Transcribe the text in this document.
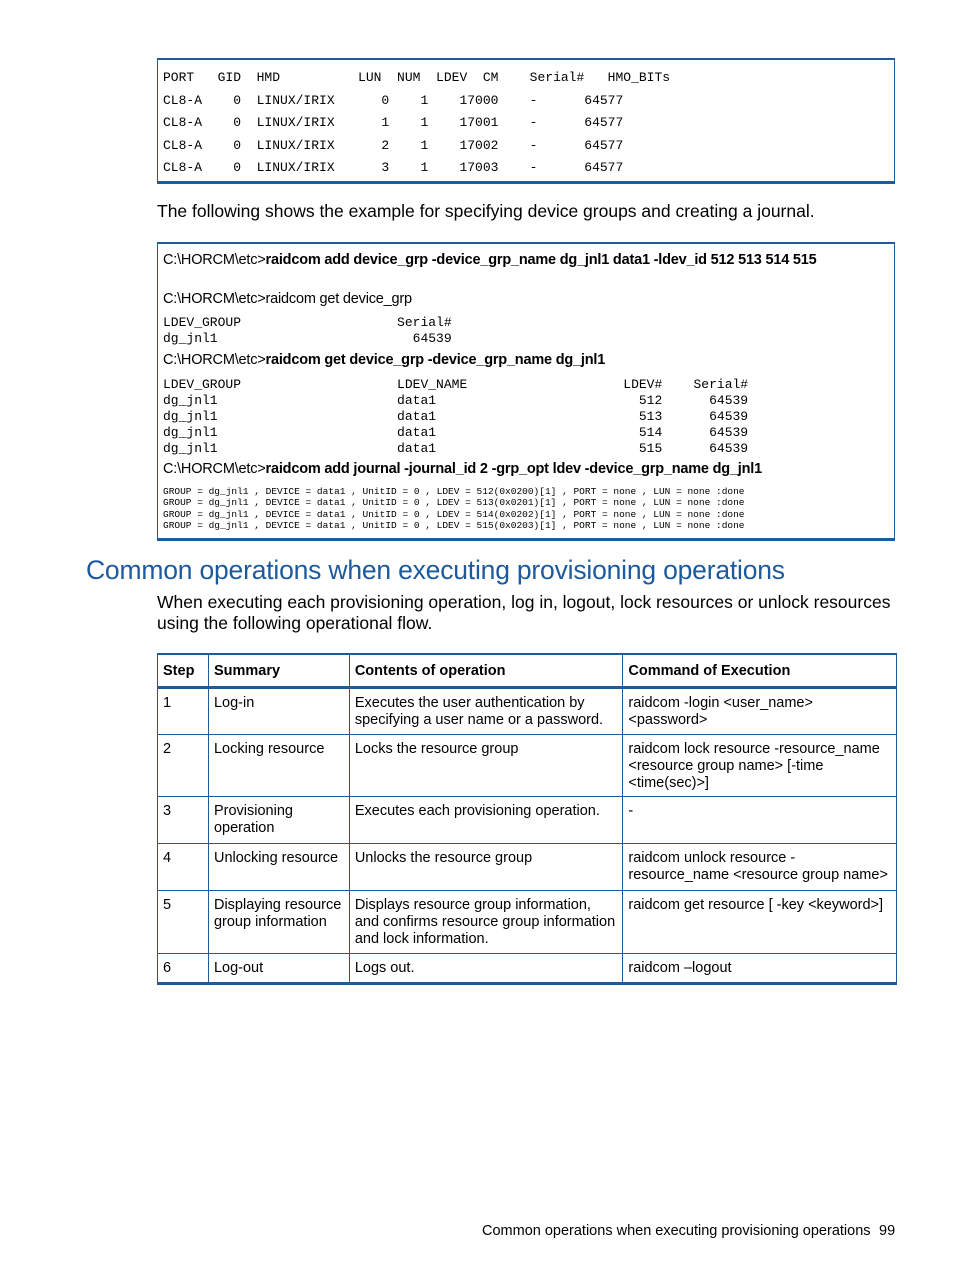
PORT   GID  HMD          LUN  NUM  LDEV  CM    Serial#   HMO_BITs
CL8-A    0  LINUX/IRIX      0    1    17000    -      64577
CL8-A    0  LINUX/IRIX      1    1    17001    -      64577
CL8-A    0  LINUX/IRIX      2    1    17002    -      64577
CL8-A    0  LINUX/IRIX      3    1    17003    -      64577
The following shows the example for specifying device groups and creating a journal.
C:\HORCM\etc>raidcom add device_grp -device_grp_name dg_jnl1 data1 -ldev_id 512 513 514 515
C:\HORCM\etc>raidcom get device_grp
LDEV_GROUP                    Serial#
dg_jnl1                         64539
C:\HORCM\etc>raidcom get device_grp -device_grp_name dg_jnl1
LDEV_GROUP                    LDEV_NAME                    LDEV#    Serial#
dg_jnl1                       data1                          512      64539
dg_jnl1                       data1                          513      64539
dg_jnl1                       data1                          514      64539
dg_jnl1                       data1                          515      64539
C:\HORCM\etc>raidcom add journal -journal_id 2 -grp_opt ldev -device_grp_name dg_jnl1
GROUP = dg_jnl1 , DEVICE = data1 , UnitID = 0 , LDEV = 512(0x0200)[1] , PORT = none , LUN = none :done
GROUP = dg_jnl1 , DEVICE = data1 , UnitID = 0 , LDEV = 513(0x0201)[1] , PORT = none , LUN = none :done
GROUP = dg_jnl1 , DEVICE = data1 , UnitID = 0 , LDEV = 514(0x0202)[1] , PORT = none , LUN = none :done
GROUP = dg_jnl1 , DEVICE = data1 , UnitID = 0 , LDEV = 515(0x0203)[1] , PORT = none , LUN = none :done
Common operations when executing provisioning operations
When executing each provisioning operation, log in, logout, lock resources or unlock resources using the following operational flow.
Step	Summary	Contents of operation	Command of Execution
1	Log-in	Executes the user authentication by specifying a user name or a password.	raidcom -login <user_name> <password>
2	Locking resource	Locks the resource group	raidcom lock resource -resource_name <resource group name> [-time <time(sec)>]
3	Provisioning operation	Executes each provisioning operation.	-
4	Unlocking resource	Unlocks the resource group	raidcom unlock resource -resource_name <resource group name>
5	Displaying resource group information	Displays resource group information, and confirms resource group information and lock information.	raidcom get resource [ -key <keyword>]
6	Log-out	Logs out.	raidcom –logout
Common operations when executing provisioning operations 99
